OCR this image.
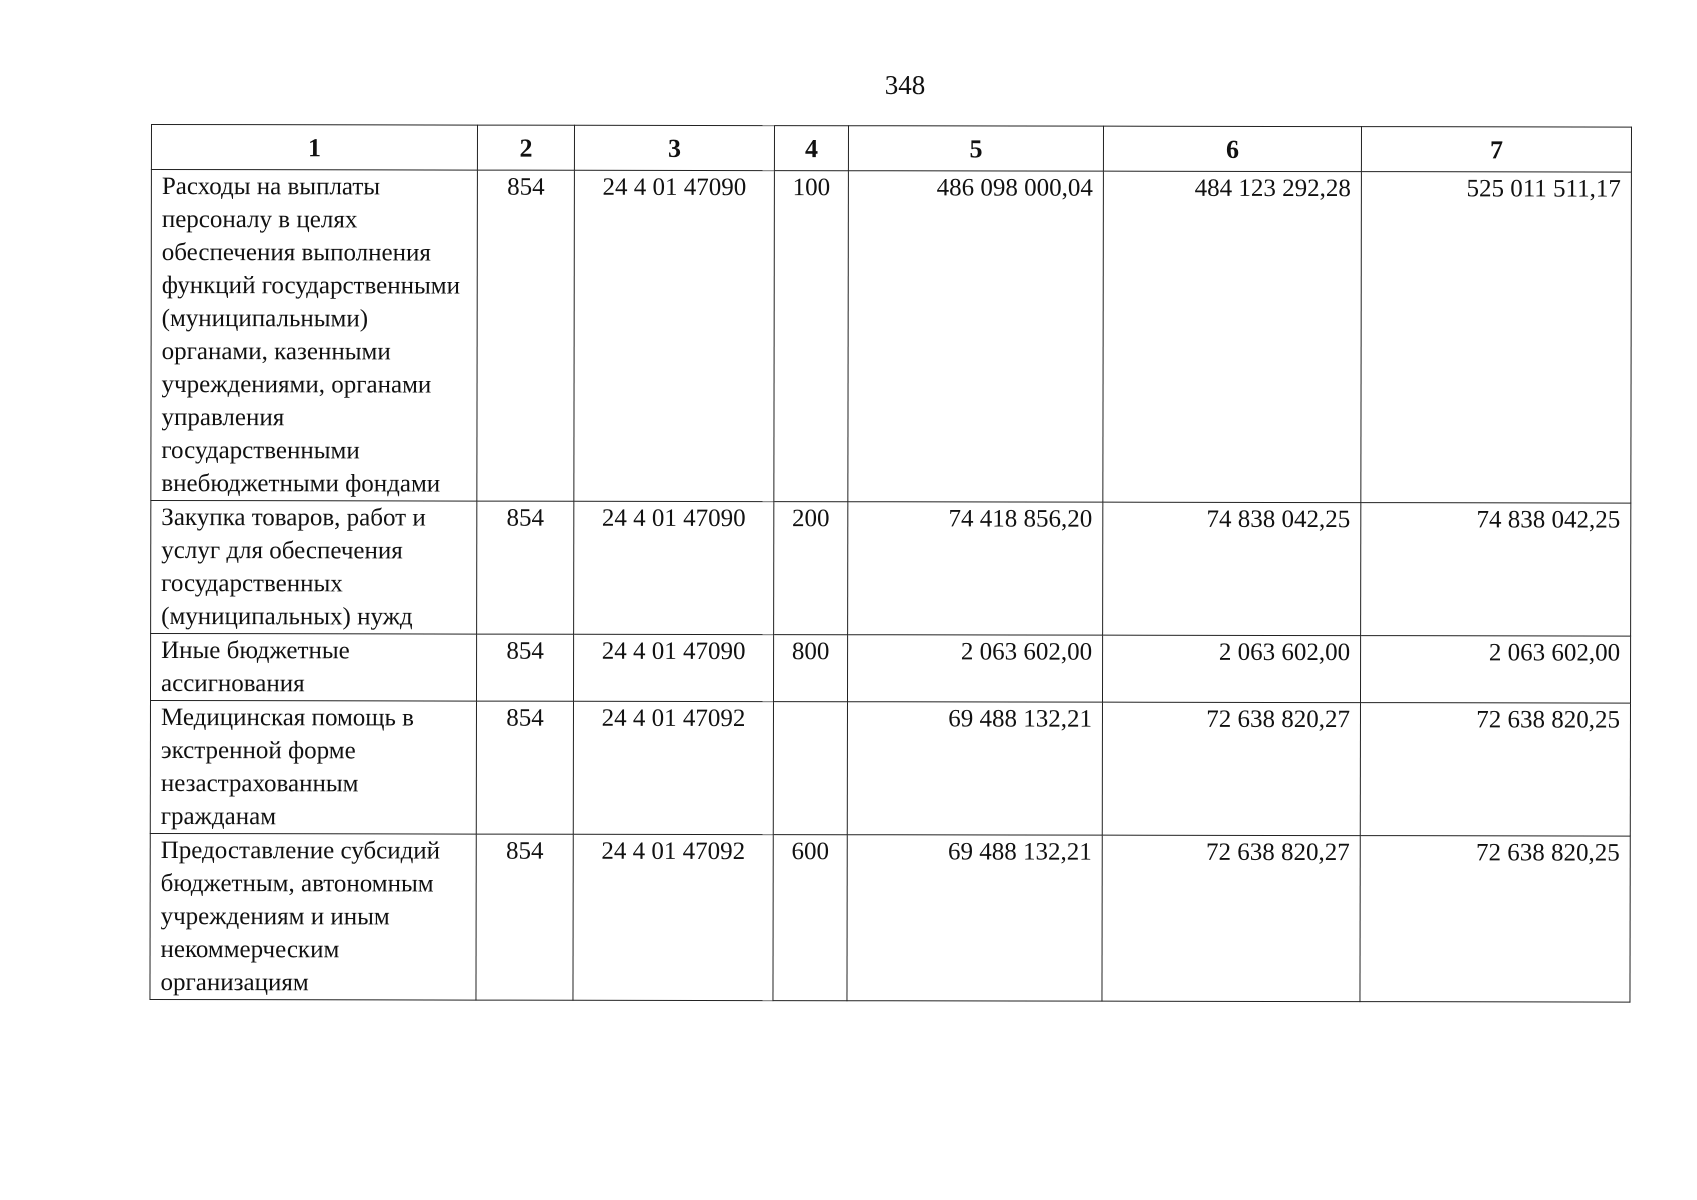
348
1	2	3	4	5	6	7
Расходы на выплаты персоналу в целях обеспечения выполнения функций государственными (муниципальными) органами, казенными учреждениями, органами управления государственными внебюджетными фондами	854	24 4 01 47090	100	486 098 000,04	484 123 292,28	525 011 511,17
Закупка товаров, работ и услуг для обеспечения государственных (муниципальных) нужд	854	24 4 01 47090	200	74 418 856,20	74 838 042,25	74 838 042,25
Иные бюджетные ассигнования	854	24 4 01 47090	800	2 063 602,00	2 063 602,00	2 063 602,00
Медицинская помощь в экстренной форме незастрахованным гражданам	854	24 4 01 47092		69 488 132,21	72 638 820,27	72 638 820,25
Предоставление субсидий бюджетным, автономным учреждениям и иным некоммерческим организациям	854	24 4 01 47092	600	69 488 132,21	72 638 820,27	72 638 820,25
